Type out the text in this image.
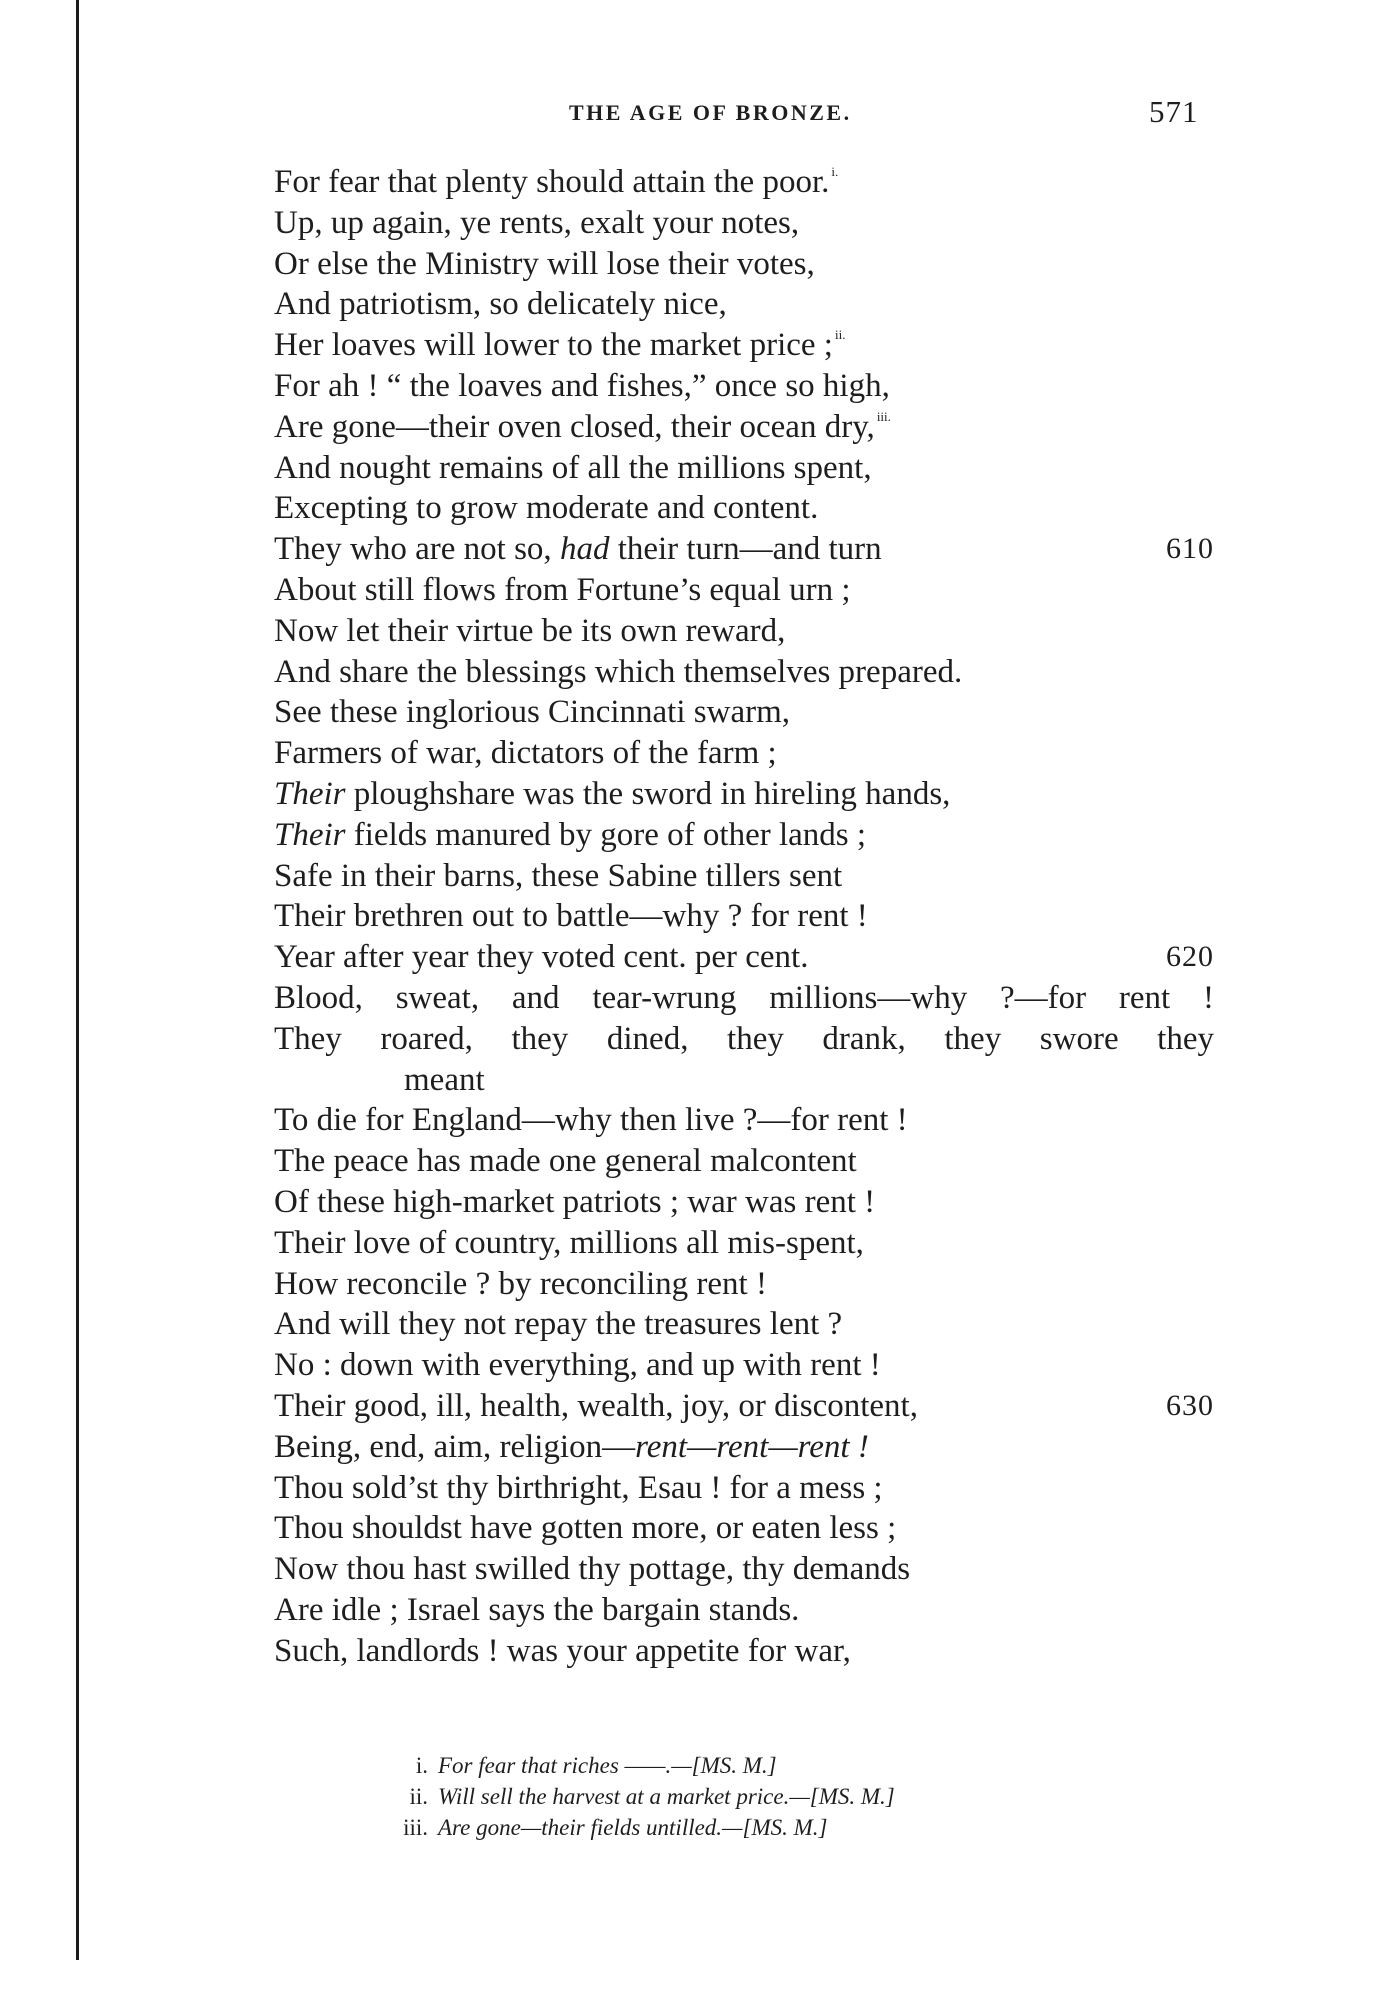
THE AGE OF BRONZE.	571
For fear that plenty should attain the poor. $^{i.}$
Up, up again, ye rents, exalt your notes,
Or else the Ministry will lose their votes,
And patriotism, so delicately nice,
Her loaves will lower to the market price ; $^{ii.}$
For ah ! “ the loaves and fishes,” once so high,
Are gone—their oven closed, their ocean dry, $^{iii.}$
And nought remains of all the millions spent,
Excepting to grow moderate and content.
They who are not so, had their turn—and turn	610
About still flows from Fortune’s equal urn ;
Now let their virtue be its own reward,
And share the blessings which themselves prepared.
See these inglorious Cincinnati swarm,
Farmers of war, dictators of the farm ;
Their ploughshare was the sword in hireling hands,
Their fields manured by gore of other lands ;
Safe in their barns, these Sabine tillers sent
Their brethren out to battle—why ? for rent !
Year after year they voted cent. per cent.	620
Blood, sweat, and tear-wrung millions—why ?—for rent !
They roared, they dined, they drank, they swore they
meant
To die for England—why then live ?—for rent !
The peace has made one general malcontent
Of these high-market patriots ; war was rent !
Their love of country, millions all mis-spent,
How reconcile ? by reconciling rent !
And will they not repay the treasures lent ?
No : down with everything, and up with rent !
Their good, ill, health, wealth, joy, or discontent,	630
Being, end, aim, religion—rent—rent—rent !
Thou sold’st thy birthright, Esau ! for a mess ;
Thou shouldst have gotten more, or eaten less ;
Now thou hast swilled thy pottage, thy demands
Are idle ; Israel says the bargain stands.
Such, landlords ! was your appetite for war,
i. For fear that riches ——.—[MS. M.]
ii. Will sell the harvest at a market price.—[MS. M.]
iii. Are gone—their fields untilled.—[MS. M.]
